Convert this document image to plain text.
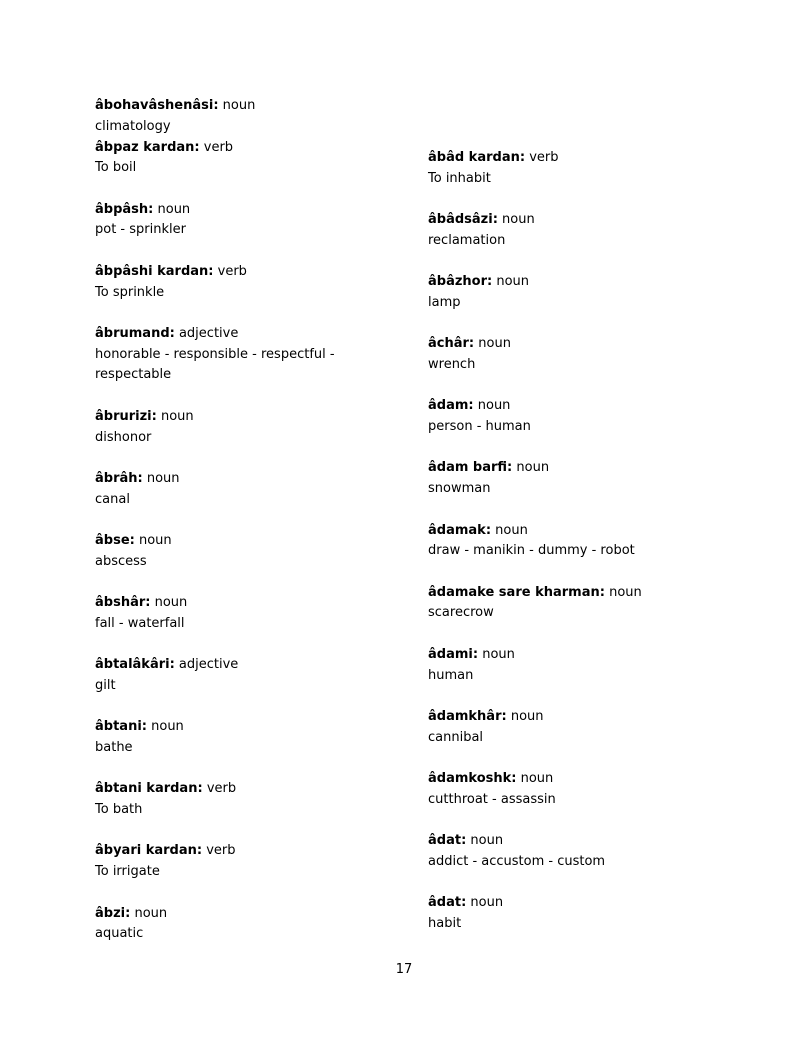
âbohavâshenâsi: noun
climatology
âbpaz kardan: verb
To boil
âbpâsh: noun
pot - sprinkler
âbpâshi kardan: verb
To sprinkle
âbrumand: adjective
honorable - responsible - respectful - respectable
âbrurizi: noun
dishonor
âbrâh: noun
canal
âbse: noun
abscess
âbshâr: noun
fall - waterfall
âbtalâkâri: adjective
gilt
âbtani: noun
bathe
âbtani kardan: verb
To bath
âbyari kardan: verb
To irrigate
âbzi: noun
aquatic
âbâd kardan: verb
To inhabit
âbâdsâzi: noun
reclamation
âbâzhor: noun
lamp
âchâr: noun
wrench
âdam: noun
person - human
âdam barfi: noun
snowman
âdamak: noun
draw - manikin - dummy - robot
âdamake sare kharman: noun
scarecrow
âdami: noun
human
âdamkhâr: noun
cannibal
âdamkoshk: noun
cutthroat - assassin
âdat: noun
addict - accustom - custom
âdat: noun
habit
17
